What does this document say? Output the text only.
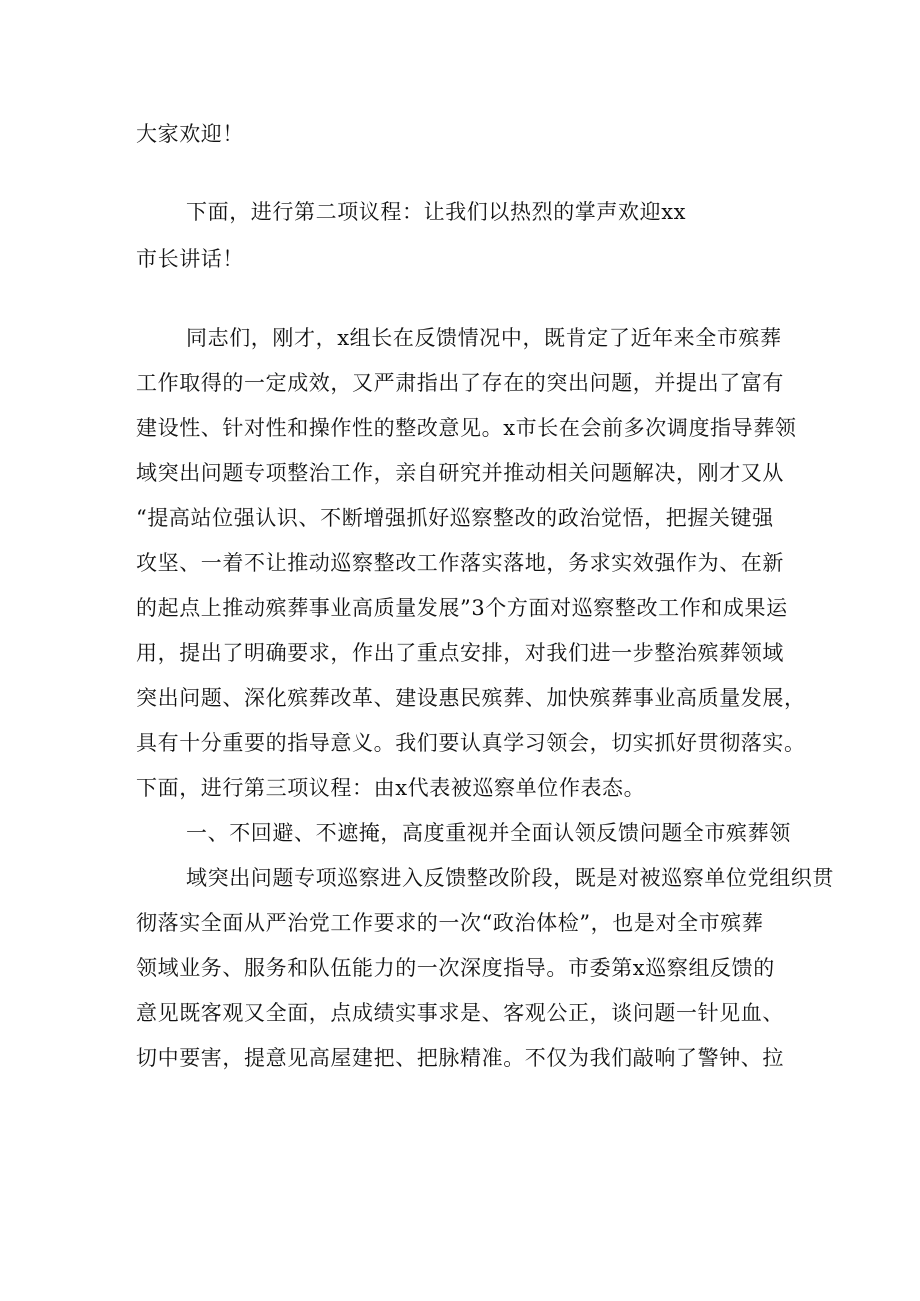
大家欢迎！
下面，进行第二项议程：让我们以热烈的掌声欢迎xx
市长讲话！
同志们，刚才，x组长在反馈情况中，既肯定了近年来全市殡葬
工作取得的一定成效，又严肃指出了存在的突出问题，并提出了富有
建设性、针对性和操作性的整改意见。x市长在会前多次调度指导葬领
域突出问题专项整治工作，亲自研究并推动相关问题解决，刚才又从
“提高站位强认识、不断增强抓好巡察整改的政治觉悟，把握关键强
攻坚、一着不让推动巡察整改工作落实落地，务求实效强作为、在新
的起点上推动殡葬事业高质量发展”3个方面对巡察整改工作和成果运
用，提出了明确要求，作出了重点安排，对我们进一步整治殡葬领域
突出问题、深化殡葬改革、建设惠民殡葬、加快殡葬事业高质量发展，
具有十分重要的指导意义。我们要认真学习领会，切实抓好贯彻落实。
下面，进行第三项议程：由x代表被巡察单位作表态。
一、不回避、不遮掩，高度重视并全面认领反馈问题全市殡葬领
域突出问题专项巡察进入反馈整改阶段，既是对被巡察单位党组织贯
彻落实全面从严治党工作要求的一次“政治体检”，也是对全市殡葬
领域业务、服务和队伍能力的一次深度指导。市委第x巡察组反馈的
意见既客观又全面，点成绩实事求是、客观公正，谈问题一针见血、
切中要害，提意见高屋建把、把脉精准。不仅为我们敲响了警钟、拉
